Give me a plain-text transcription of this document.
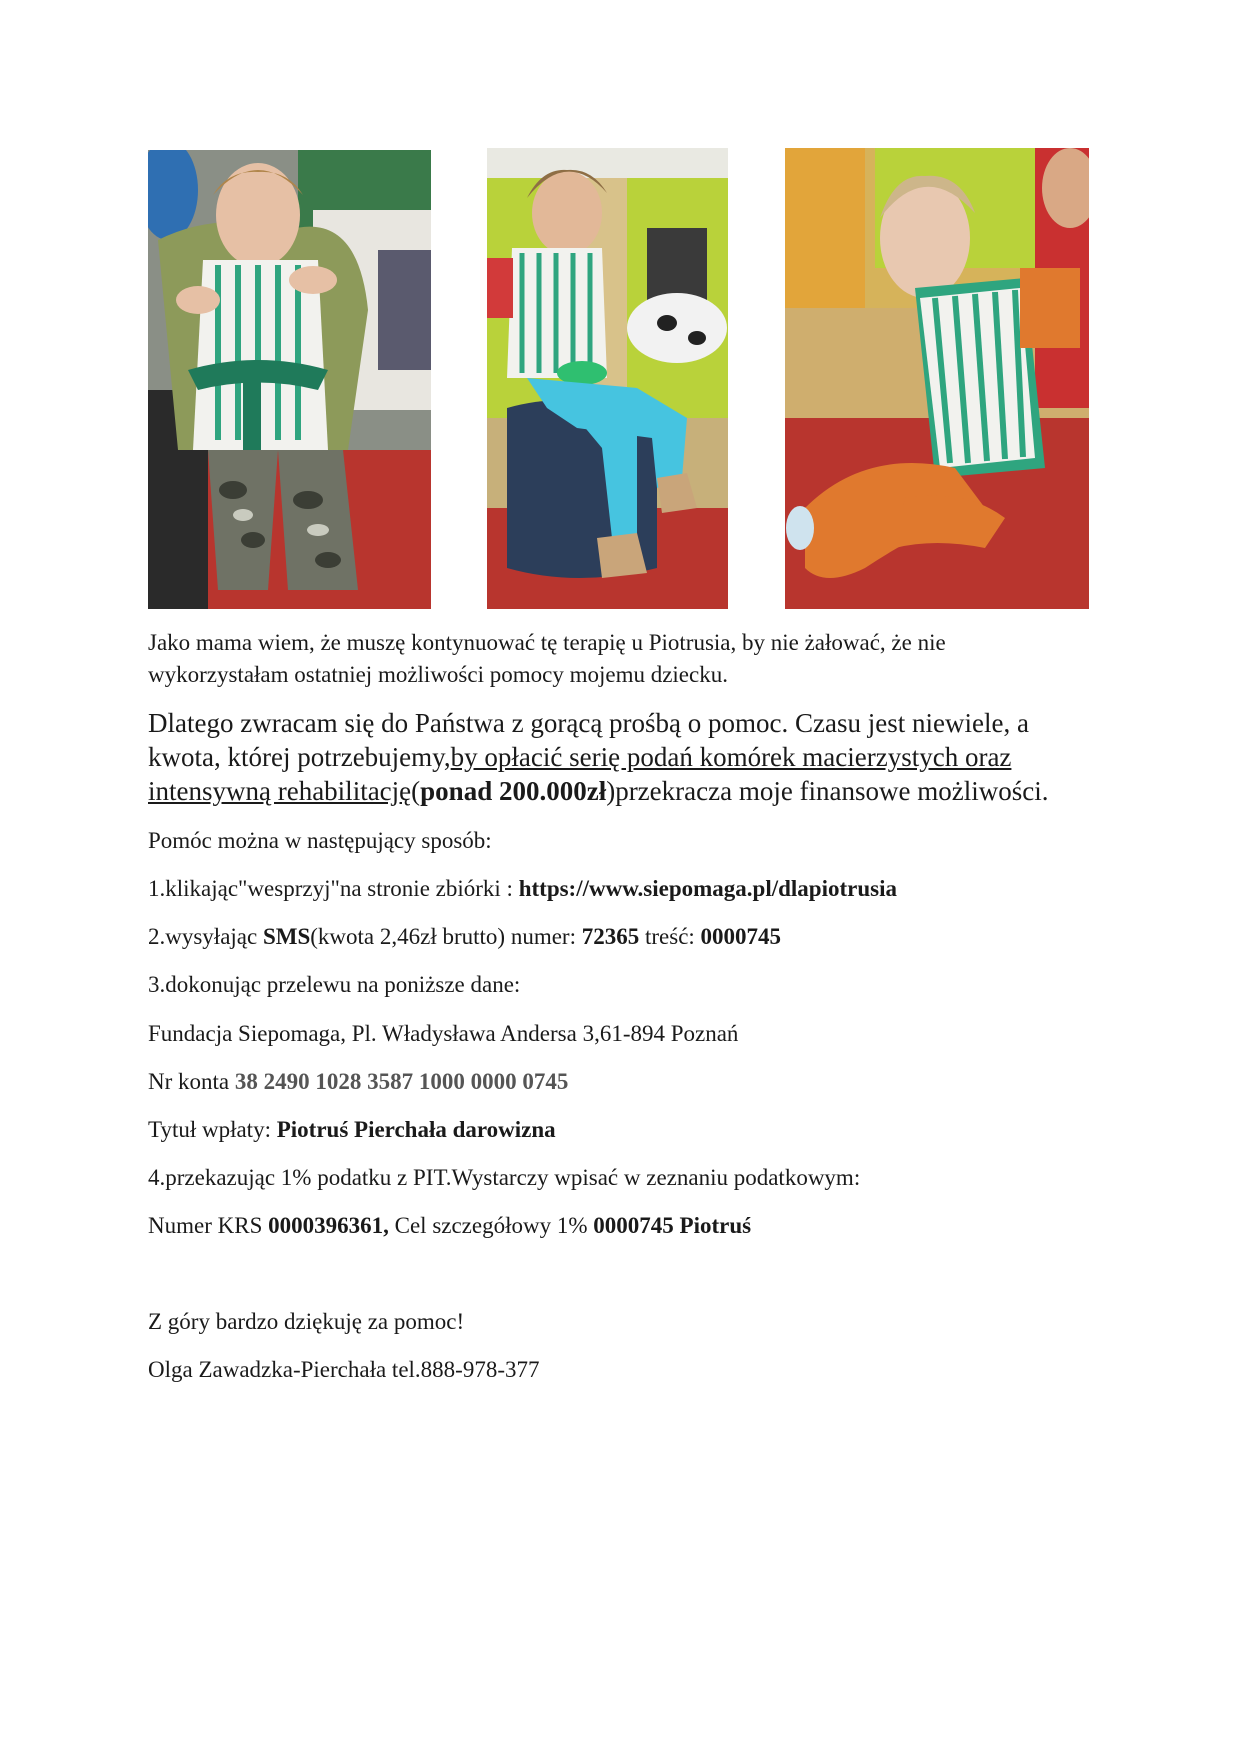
Jako mama wiem, że muszę kontynuować tę terapię u Piotrusia, by nie żałować, że nie
wykorzystałam ostatniej możliwości pomocy mojemu dziecku.

Dlatego zwracam się do Państwa z gorącą prośbą o pomoc. Czasu jest niewiele, a
kwota, której potrzebujemy,by opłacić serię podań komórek macierzystych oraz
intensywną rehabilitację(ponad 200.000zł)przekracza moje finansowe możliwości.

Pomóc można w następujący sposób:

1.klikając"wesprzyj"na stronie zbiórki : https://www.siepomaga.pl/dlapiotrusia

2.wysyłając SMS(kwota 2,46zł brutto) numer: 72365 treść: 0000745

3.dokonując przelewu na poniższe dane:

Fundacja Siepomaga, Pl. Władysława Andersa 3,61-894 Poznań

Nr konta 38 2490 1028 3587 1000 0000 0745

Tytuł wpłaty: Piotruś Pierchała darowizna

4.przekazując 1% podatku z PIT.Wystarczy wpisać w zeznaniu podatkowym:

Numer KRS 0000396361, Cel szczegółowy 1% 0000745 Piotruś

Z góry bardzo dziękuję za pomoc!

Olga Zawadzka-Pierchała tel.888-978-377
